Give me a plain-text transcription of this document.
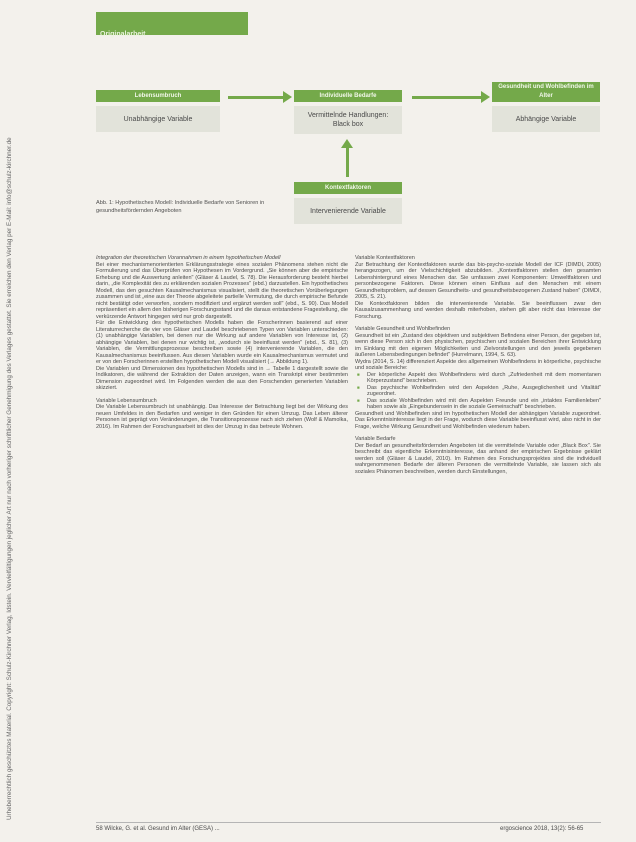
Urheberrechtlich geschütztes Material. Copyright: Schulz-Kirchner Verlag, Idstein. Vervielfältigungen jeglicher Art nur nach vorheriger schriftlicher Genehmigung des Verlages gestattet. Sie erreichen den Verlag per E-Mail: info@schulz-kirchner.de
Originalarbeit
Lebensumbruch
Unabhängige Variable
Individuelle Bedarfe
Vermittelnde Handlungen: Black box
Gesundheit und Wohlbefinden im Alter
Abhängige Variable
Kontextfaktoren
Intervenierende Variable
Abb. 1: Hypothetisches Modell: Individuelle Bedarfe von Senioren in gesundheitsfördernden Angeboten

Integration der theoretischen Vorannahmen in einem hypothetischen Modell

Bei einer mechanismenorientierten Erklärungsstrategie eines sozialen Phänomens stehen nicht die Formulierung und das Überprüfen von Hypothesen im Vordergrund. „Sie können aber die empirische Erhebung und die Auswertung anleiten" (Gläser & Laudel, S. 78). Die Herausforderung besteht hierbei darin, „die Komplexität des zu erklärenden sozialen Prozesses" (ebd.) darzustellen. Ein hypothetisches Modell, das den gesuchten Kausalmechanismus visualisiert, stellt die theoretischen Vorüberlegungen zusammen und ist „eine aus der Theorie abgeleitete partielle Vermutung, die durch empirische Befunde nicht bestätigt oder verworfen, sondern modifiziert und ergänzt werden soll" (ebd., S. 90). Das Modell repräsentiert ein allem den bisherigen Forschungsstand und die daraus entstandene Fragestellung, die verkürzende Antwort hingegen wird nur grob dargestellt.

Für die Entwicklung des hypothetischen Modells haben die Forscherinnen basierend auf einer Literaturrecherche die vier von Gläser und Laudel beschriebenen Typen von Variablen unterschieden: (1) unabhängige Variablen, bei denen nur die Wirkung auf andere Variablen von Interesse ist, (2) abhängige Variablen, bei denen nur wichtig ist, „wodurch sie beeinflusst werden" (ebd., S. 81), (3) Variablen, die Vermittlungsprozesse beschreiben sowie (4) intervenierende Variablen, die den Kausalmechanismus beeinflussen. Aus diesen Variablen wurde ein Kausalmechanismus vermutet und er von den Forscherinnen erstellten hypothetischen Modell visualisiert (→ Abbildung 1).

Die Variablen und Dimensionen des hypothetischen Modells sind in → Tabelle 1 dargestellt sowie die Indikatoren, die während der Extraktion der Daten anzeigen, wann ein Transkript einer bestimmten Dimension zugeordnet wird. Im Folgenden werden die aus den Forschenden generierten Variablen skizziert.

Variable Lebensumbruch

Die Variable Lebensumbruch ist unabhängig. Das Interesse der Betrachtung liegt bei der Wirkung des neuen Umfeldes in den Bedarfen und weniger in den Gründen für einen Umzug. Das Leben älterer Personen ist geprägt von Veränderungen, die Transitionsprozesse nach sich ziehen (Wolf & Mamolka, 2016). Im Rahmen der Forschungsarbeit ist dies der Umzug in das betreute Wohnen.

Variable Kontextfaktoren

Zur Betrachtung der Kontextfaktoren wurde das bio-psycho-soziale Modell der ICF (DIMDI, 2005) herangezogen, um der Vielschichtigkeit abzubilden. „Kontextfaktoren stellen den gesamten Lebenshintergrund eines Menschen dar. Sie umfassen zwei Komponenten: Umweltfaktoren und personbezogene Faktoren. Diese können einen Einfluss auf den Menschen mit einem Gesundheitsproblem, auf dessen Gesundheits- und gesundheitsbezogenen Zustand haben" (DIMDI, 2005, S. 21).

Die Kontextfaktoren bilden die intervenierende Variable. Sie beeinflussen zwar den Kausalzusammenhang und werden deshalb miterhoben, stehen gilt aber nicht das Interesse der Forschung.

Variable Gesundheit und Wohlbefinden

Gesundheit ist ein „Zustand des objektiven und subjektiven Befindens einer Person, der gegeben ist, wenn diese Person sich in den physischen, psychischen und sozialen Bereichen ihrer Entwicklung im Einklang mit den eigenen Möglichkeiten und Zielvorstellungen und den jeweils gegebenen äußeren Lebensbedingungen befindet" (Hurrelmann, 1994, S. 63).

Wydra (2014, S. 14) differenziert Aspekte des allgemeinen Wohlbefindens in körperliche, psychische und soziale Bereiche:

■ Der körperliche Aspekt des Wohlbefindens wird durch „Zufriedenheit mit dem momentanen Körperzustand" beschrieben.
■ Das psychische Wohlbefinden wird den Aspekten „Ruhe, Ausgeglichenheit und Vitalität" zugeordnet.
■ Das soziale Wohlbefinden wird mit den Aspekten Freunde und ein „intaktes Familienleben" haben sowie als „Eingebundensein in die soziale Gemeinschaft" beschrieben.

Gesundheit und Wohlbefinden sind im hypothetischen Modell der abhängigen Variable zugeordnet. Das Erkenntnisinteresse liegt in der Frage, wodurch diese Variable beeinflusst wird, also nicht in der Frage, welche Wirkung Gesundheit und Wohlbefinden wiederum haben.

Variable Bedarfe

Der Bedarf an gesundheitsfördernden Angeboten ist die vermittelnde Variable oder „Black Box". Sie beschreibt das eigentliche Erkenntnisinteresse, das anhand der empirischen Ergebnisse geklärt werden soll (Gläser & Laudel, 2010). Im Rahmen des Forschungsprojektes sind die individuell wahrgenommenen Bedarfe der älteren Personen die vermittelnde Variable, sie lassen sich als soziales Phänomen beschreiben, werden durch Einstellungen,

58 Wilcke, G. et al. Gesund im Alter (GESA) ...	ergoscience 2018, 13(2): 56-65
